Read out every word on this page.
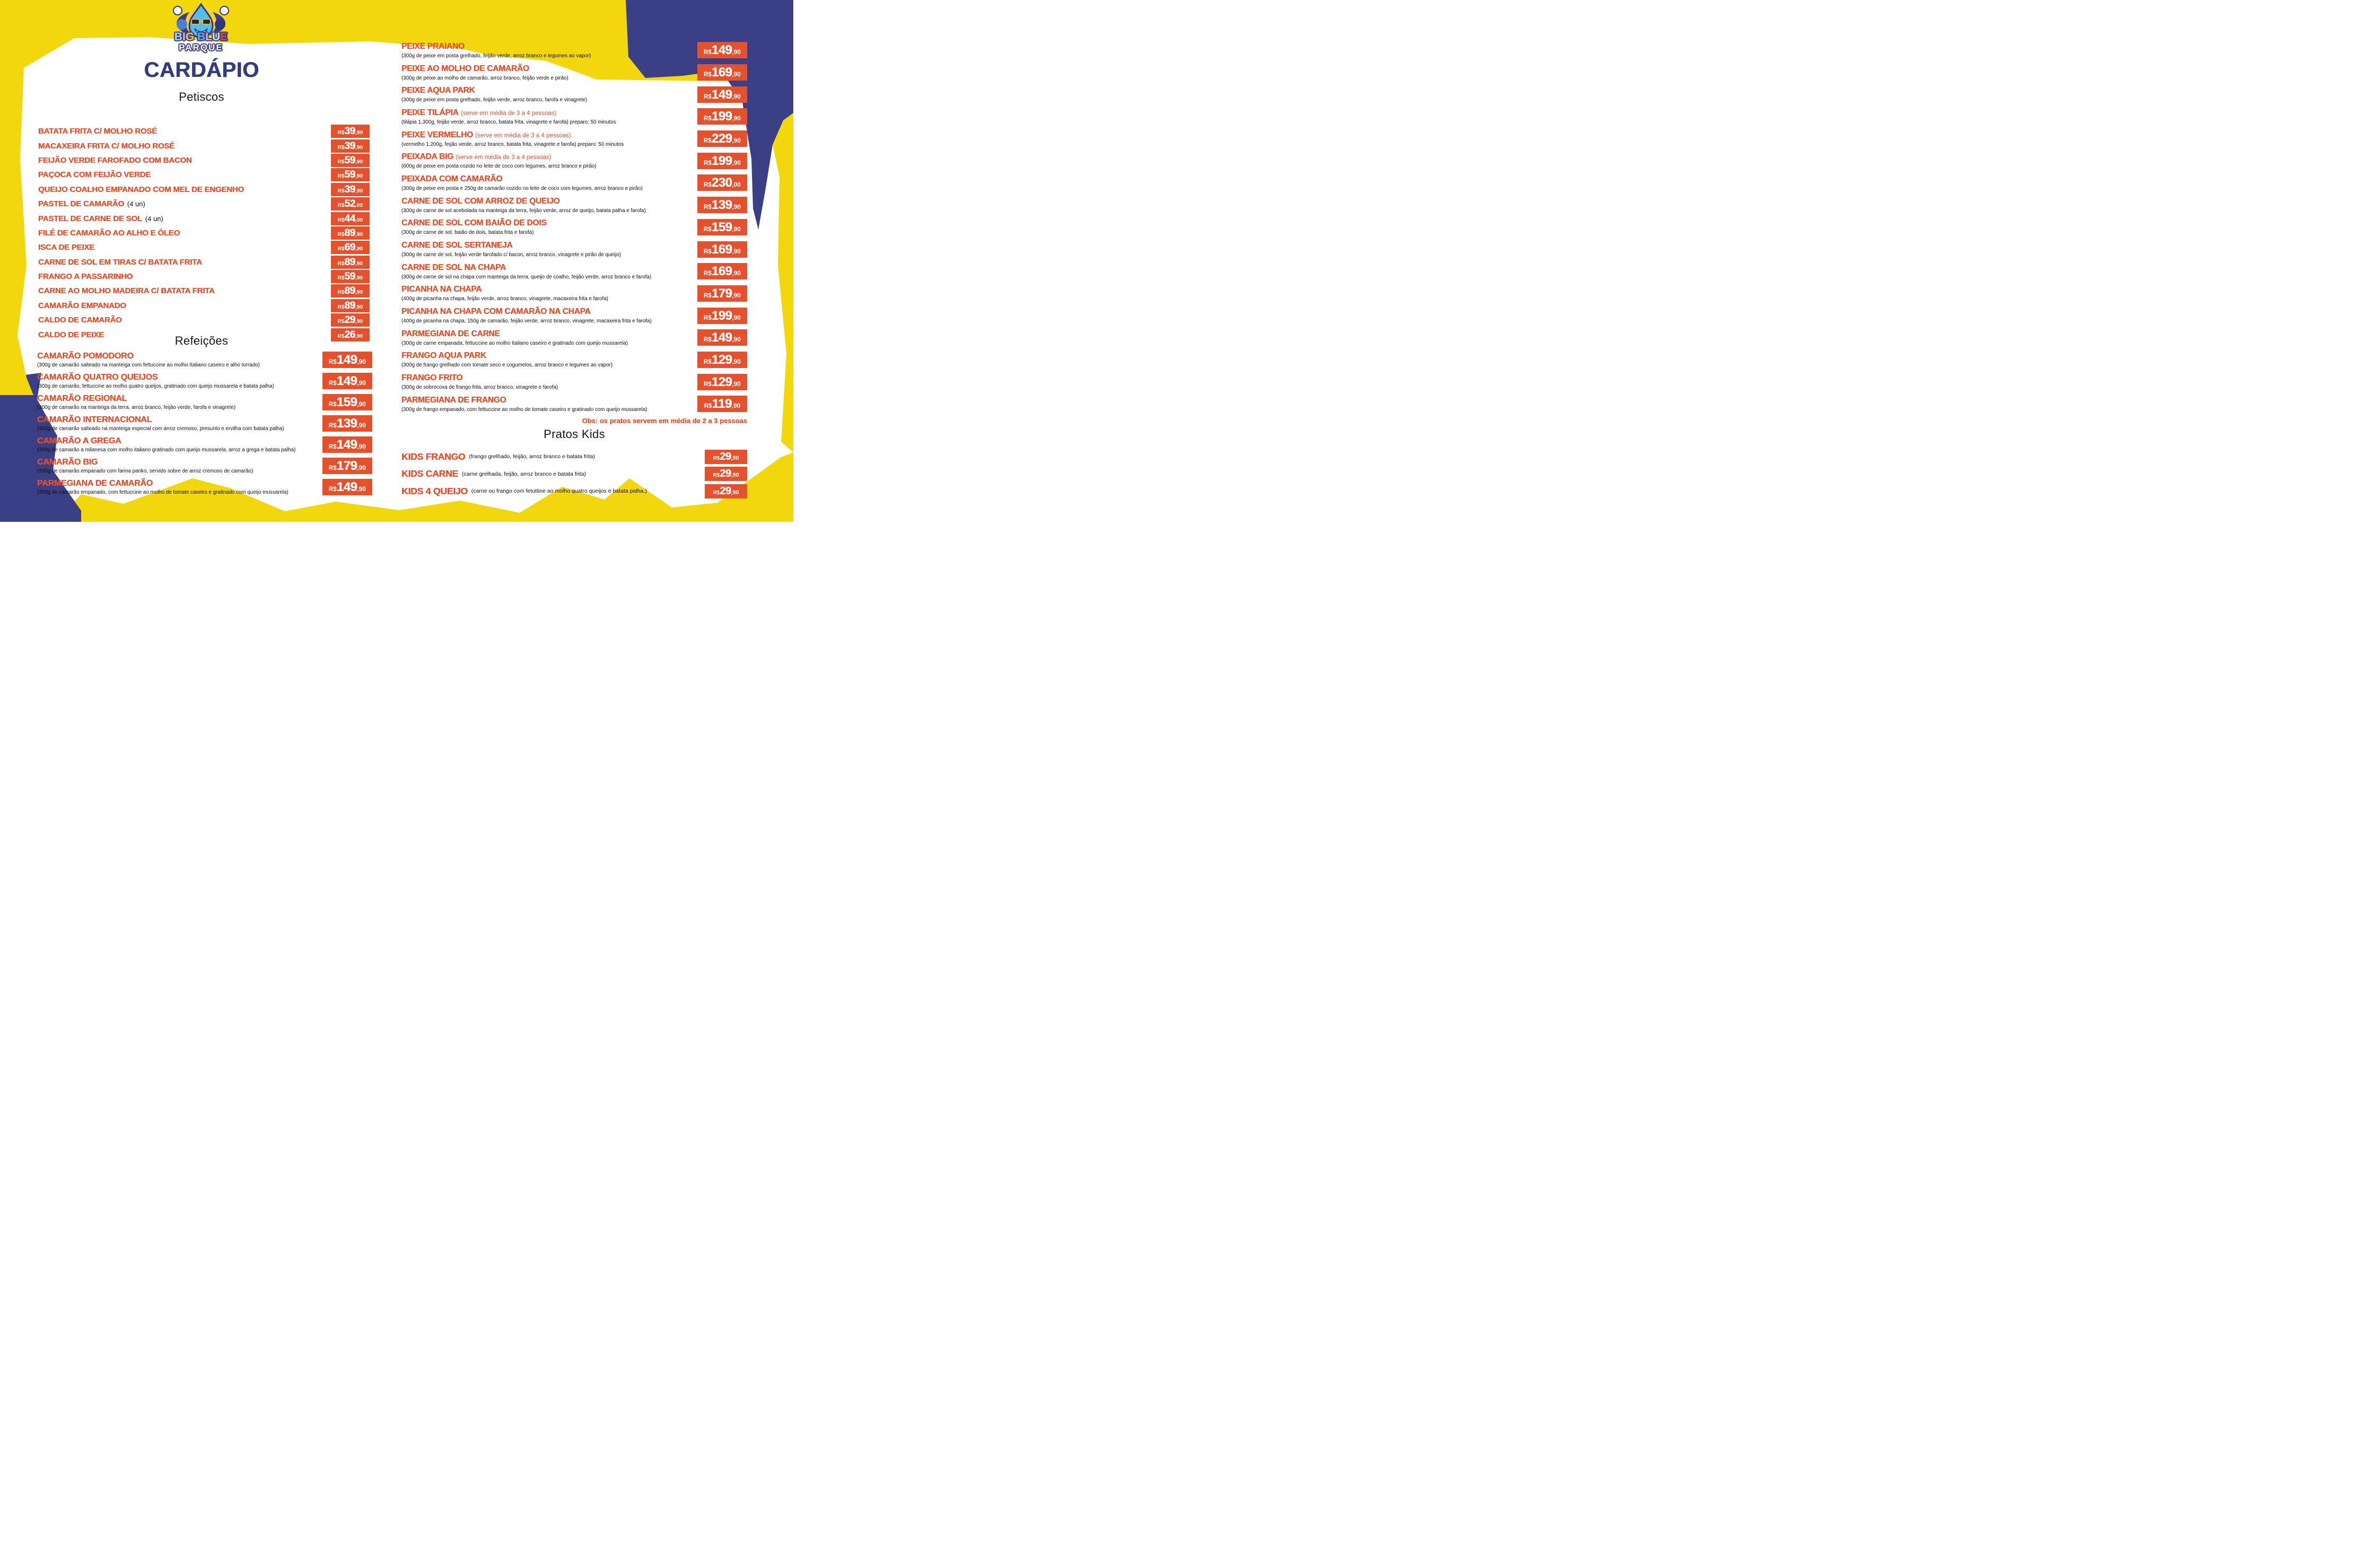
BIG BLUE
PARQUE
CARDÁPIO
Petiscos
BATATA FRITA C/ MOLHO ROSÉ	R$39,90
MACAXEIRA FRITA C/ MOLHO ROSÉ	R$39,90
FEIJÃO VERDE FAROFADO COM BACON	R$59,90
PAÇOCA COM FEIJÃO VERDE	R$59,90
QUEIJO COALHO EMPANADO COM MEL DE ENGENHO	R$39,90
PASTEL DE CAMARÃO (4 un)	R$52,00
PASTEL DE CARNE DE SOL (4 un)	R$44,00
FILÉ DE CAMARÃO AO ALHO E ÓLEO	R$89,90
ISCA DE PEIXE	R$69,90
CARNE DE SOL EM TIRAS C/ BATATA FRITA	R$89,90
FRANGO A PASSARINHO	R$59,90
CARNE AO MOLHO MADEIRA C/ BATATA FRITA	R$89,90
CAMARÃO EMPANADO	R$89,90
CALDO DE CAMARÃO	R$29,90
CALDO DE PEIXE	R$26,90
Refeições
CAMARÃO POMODORO
(300g de camarão salteado na manteiga com fettuccine ao molho Italiano caseiro e alho torrado)	R$149,90
CAMARÃO QUATRO QUEIJOS
(300g de camarão, fettuccine ao molho quatro queijos, gratinado com queijo mussarela e batata palha)	R$149,90
CAMARÃO REGIONAL
(300g de camarão na manteiga da terra, arroz branco, feijão verde, farofa e vinagrete)	R$159,90
CAMARÃO INTERNACIONAL
(300g de camarão salteado na manteiga especial com arroz cremoso, presunto e ervilha com batata palha)	R$139,90
CAMARÃO A GREGA
(300g de camarão a milanesa com molho italiano gratinado com queijo mussarela, arroz a grega e batata palha)	R$149,90
CAMARÃO BIG
(300g de camarão empanado com farina panko, servido sobre de arroz cremoso de camarão)	R$179,90
PARMEGIANA DE CAMARÃO
(300g de camarão empanado, com fettuccine ao molho de tomate caseiro e gratinado com queijo mussarela)	R$149,90
PEIXE PRAIANO
(300g de peixe em posta grelhado, feijão verde, arroz branco e legumes ao vapor)	R$149,90
PEIXE AO MOLHO DE CAMARÃO
(300g de peixe ao molho de camarão, arroz branco, feijão verde e pirão)	R$169,90
PEIXE AQUA PARK
(300g de peixe em posta grelhado, feijão verde, arroz branco, farofa e vinagrete)	R$149,90
PEIXE TILÁPIA (serve em média de 3 a 4 pessoas)
(tilápia 1,300g, feijão verde, arroz branco, batata frita, vinagrete e farofa) preparo: 50 minutos	R$199,90
PEIXE VERMELHO (serve em média de 3 a 4 pessoas)
(vermelho 1,200g, feijão verde, arroz branco, batata frita, vinagrete e farofa) preparo: 50 minutos	R$229,90
PEIXADA BIG (serve em média de 3 a 4 pessoas)
(600g de peixe em posta cozido no leite de coco com legumes, arroz branco e pirão)	R$199,90
PEIXADA COM CAMARÃO
(300g de peixe em posta e 250g de camarão cozido no leite de coco com legumes, arroz branco e pirão)	R$230,00
CARNE DE SOL COM ARROZ DE QUEIJO
(300g de carne de sol acebolada na manteiga da terra, feijão verde, arroz de queijo, batata palha e farofa)	R$139,90
CARNE DE SOL COM BAIÃO DE DOIS
(300g de carne de sol, baião de dois, batata frita e farofa)	R$159,90
CARNE DE SOL SERTANEJA
(300g de carne de sol, feijão verde farofado c/ bacon, arroz branco, vinagrete e pirão de queijo)	R$169,90
CARNE DE SOL NA CHAPA
(300g de carne de sol na chapa com manteiga da terra, queijo de coalho, feijão verde, arroz branco e farofa)	R$169,90
PICANHA NA CHAPA
(400g de picanha na chapa, feijão verde, arroz branco, vinagrete, macaxeira frita e farofa)	R$179,90
PICANHA NA CHAPA COM CAMARÃO NA CHAPA
(400g de picanha na chapa, 150g de camarão, feijão verde, arroz branco, vinagrete, macaxeira frita e farofa)	R$199,90
PARMEGIANA DE CARNE
(300g de carne empanada, fettuccine ao molho Italiano caseiro e gratinado com queijo mussarela)	R$149,90
FRANGO AQUA PARK
(300g de frango grelhado com tomate seco e cogumelos, arroz branco e legumes ao vapor)	R$129,90
FRANGO FRITO
(300g de sobrecoxa de frango frita, arroz branco, vinagrete e farofa)	R$129,90
PARMEGIANA DE FRANGO
(300g de frango empanado, com fettuccine ao molho de tomate caseiro e gratinado com queijo mussarela)	R$119,90
Obs: os pratos servem em média de 2 a 3 pessoas
Pratos Kids
KIDS FRANGO (frango grelhado, feijão, arroz branco e batata frita)	R$29,90
KIDS CARNE (carne grelhada, feijão, arroz branco e batata frita)	R$29,90
KIDS 4 QUEIJO (carne ou frango com fetuttine ao molho quatro queijos e batata palha.)	R$29,90
